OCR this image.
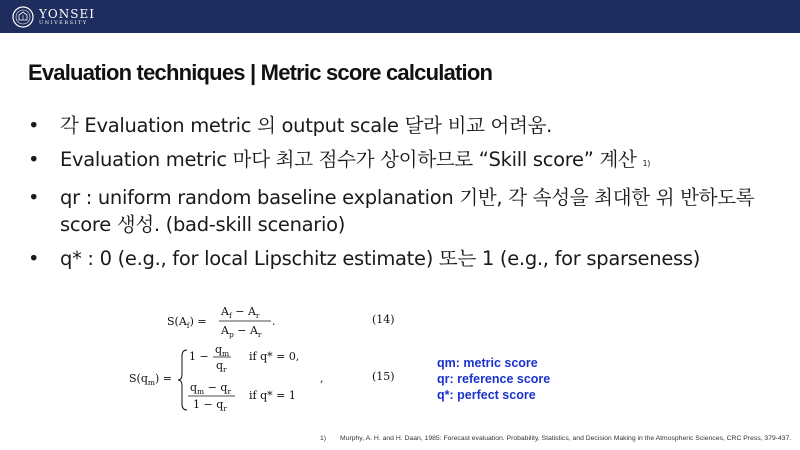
YONSEI
UNIVERSITY
Evaluation techniques | Metric score calculation
• 각 Evaluation metric 의 output scale 달라 비교 어려움.
• Evaluation metric 마다 최고 점수가 상이하므로 “Skill score” 계산 1)
• qr : uniform random baseline explanation 기반, 각 속성을 최대한 위 반하도록 score 생성. (bad-skill scenario)
• q* : 0 (e.g., for local Lipschitz estimate) 또는 1 (e.g., for sparseness)
$S(A_f)$ =
$A_f - A_r$
$A_p - A_r$
.	(14)
$S(q_m)$ =
1 −
$q_m$
$q_r$
if q* = 0,
$q_m - q_r$
$1 - q_r$
if q* = 1
,	(15)
qm: metric score
qr: reference score
q*: perfect score
1) Murphy, A. H. and H. Daan, 1985: Forecast evaluation. Probability, Statistics, and Decision Making in the Atmospheric Sciences, CRC Press, 379-437.
